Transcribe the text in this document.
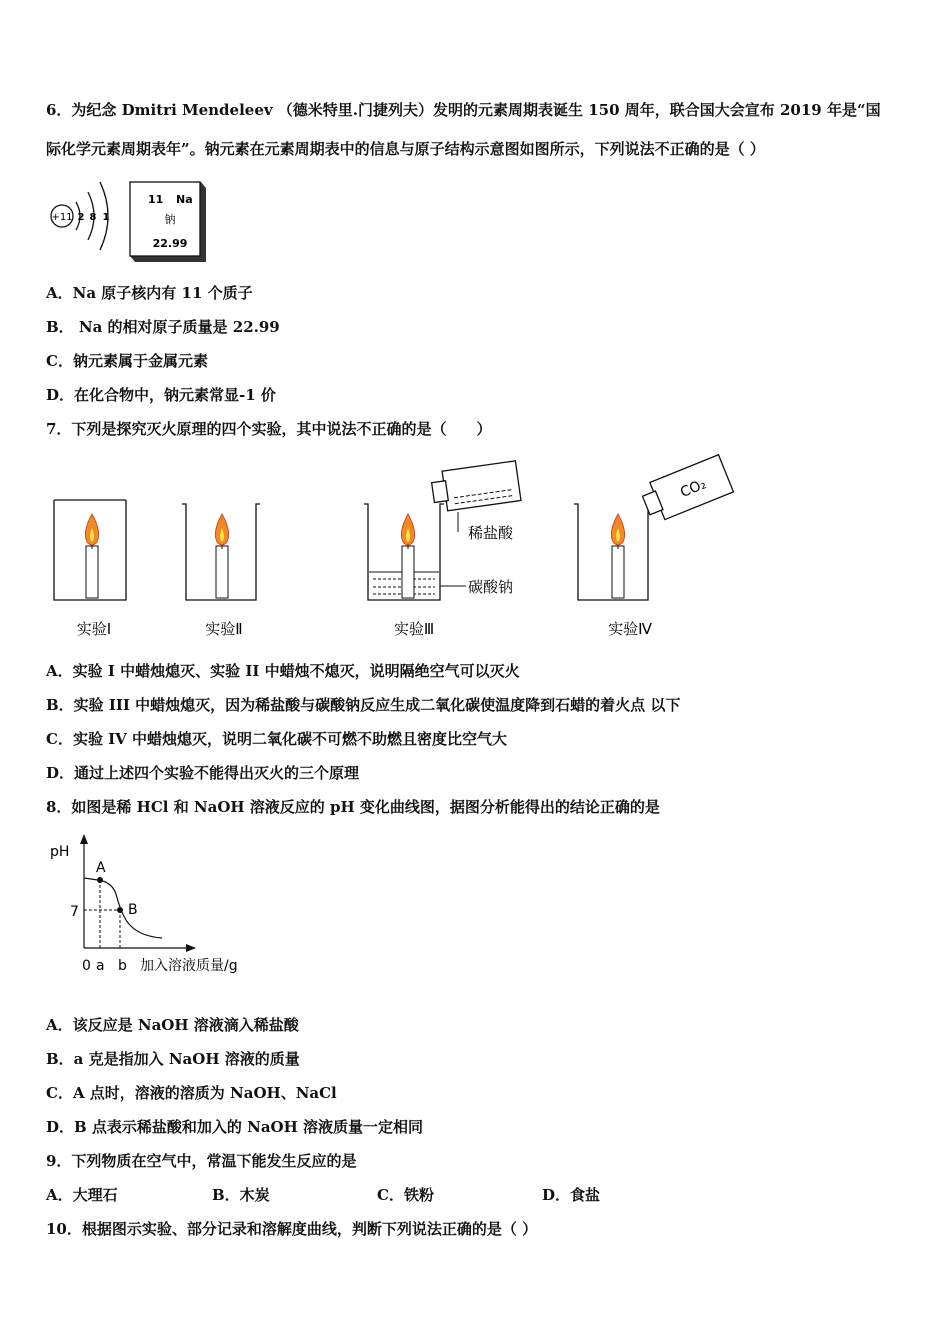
6．为纪念 Dmitri Mendeleev （德米特里.门捷列夫）发明的元素周期表诞生 150 周年，联合国大会宣布 2019 年是“国
际化学元素周期表年”。钠元素在元素周期表中的信息与原子结构示意图如图所示，下列说法不正确的是（ ）
+11 2 8 1
11 Na
钠
22.99
A．Na 原子核内有 11 个质子
B． Na 的相对原子质量是 22.99
C．钠元素属于金属元素
D．在化合物中，钠元素常显-1 价
7．下列是探究灭火原理的四个实验，其中说法不正确的是（　　）
实验Ⅰ	实验Ⅱ
稀盐酸
碳酸钠
实验Ⅲ
CO₂
实验Ⅳ
A．实验 I 中蜡烛熄灭、实验 II 中蜡烛不熄灭，说明隔绝空气可以灭火
B．实验 III 中蜡烛熄灭，因为稀盐酸与碳酸钠反应生成二氧化碳使温度降到石蜡的着火点 以下
C．实验 IV 中蜡烛熄灭，说明二氧化碳不可燃不助燃且密度比空气大
D．通过上述四个实验不能得出灭火的三个原理
8．如图是稀 HCl 和 NaOH 溶液反应的 pH 变化曲线图，据图分析能得出的结论正确的是
pH
7
A
B
0 a b 加入溶液质量/g
A．该反应是 NaOH 溶液滴入稀盐酸
B．a 克是指加入 NaOH 溶液的质量
C．A 点时，溶液的溶质为 NaOH、NaCl
D．B 点表示稀盐酸和加入的 NaOH 溶液质量一定相同
9．下列物质在空气中，常温下能发生反应的是
A．大理石	B．木炭	C．铁粉	D．食盐
10．根据图示实验、部分记录和溶解度曲线，判断下列说法正确的是（ ）
